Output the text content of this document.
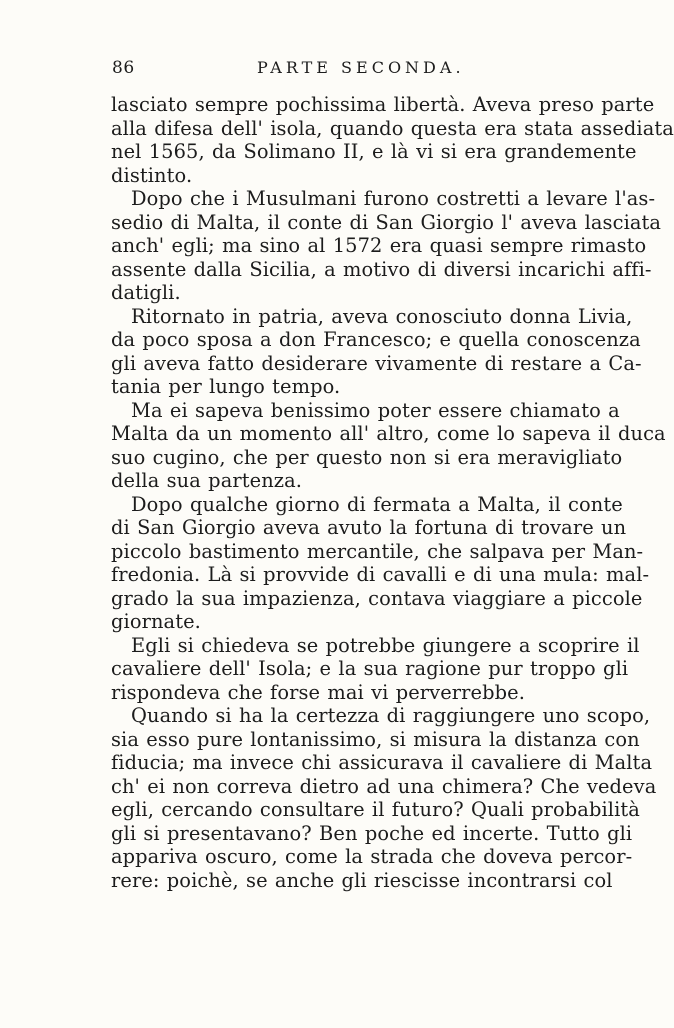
86	PARTE SECONDA.
lasciato sempre pochissima libertà. Aveva preso parte
alla difesa dell' isola, quando questa era stata assediata
nel 1565, da Solimano II, e là vi si era grandemente
distinto.
Dopo che i Musulmani furono costretti a levare l'as-
sedio di Malta, il conte di San Giorgio l' aveva lasciata
anch' egli; ma sino al 1572 era quasi sempre rimasto
assente dalla Sicilia, a motivo di diversi incarichi affi-
datigli.
Ritornato in patria, aveva conosciuto donna Livia,
da poco sposa a don Francesco; e quella conoscenza
gli aveva fatto desiderare vivamente di restare a Ca-
tania per lungo tempo.
Ma ei sapeva benissimo poter essere chiamato a
Malta da un momento all' altro, come lo sapeva il duca
suo cugino, che per questo non si era meravigliato
della sua partenza.
Dopo qualche giorno di fermata a Malta, il conte
di San Giorgio aveva avuto la fortuna di trovare un
piccolo bastimento mercantile, che salpava per Man-
fredonia. Là si provvide di cavalli e di una mula: mal-
grado la sua impazienza, contava viaggiare a piccole
giornate.
Egli si chiedeva se potrebbe giungere a scoprire il
cavaliere dell' Isola; e la sua ragione pur troppo gli
rispondeva che forse mai vi perverrebbe.
Quando si ha la certezza di raggiungere uno scopo,
sia esso pure lontanissimo, si misura la distanza con
fiducia; ma invece chi assicurava il cavaliere di Malta
ch' ei non correva dietro ad una chimera? Che vedeva
egli, cercando consultare il futuro? Quali probabilità
gli si presentavano? Ben poche ed incerte. Tutto gli
appariva oscuro, come la strada che doveva percor-
rere: poichè, se anche gli riescisse incontrarsi col
